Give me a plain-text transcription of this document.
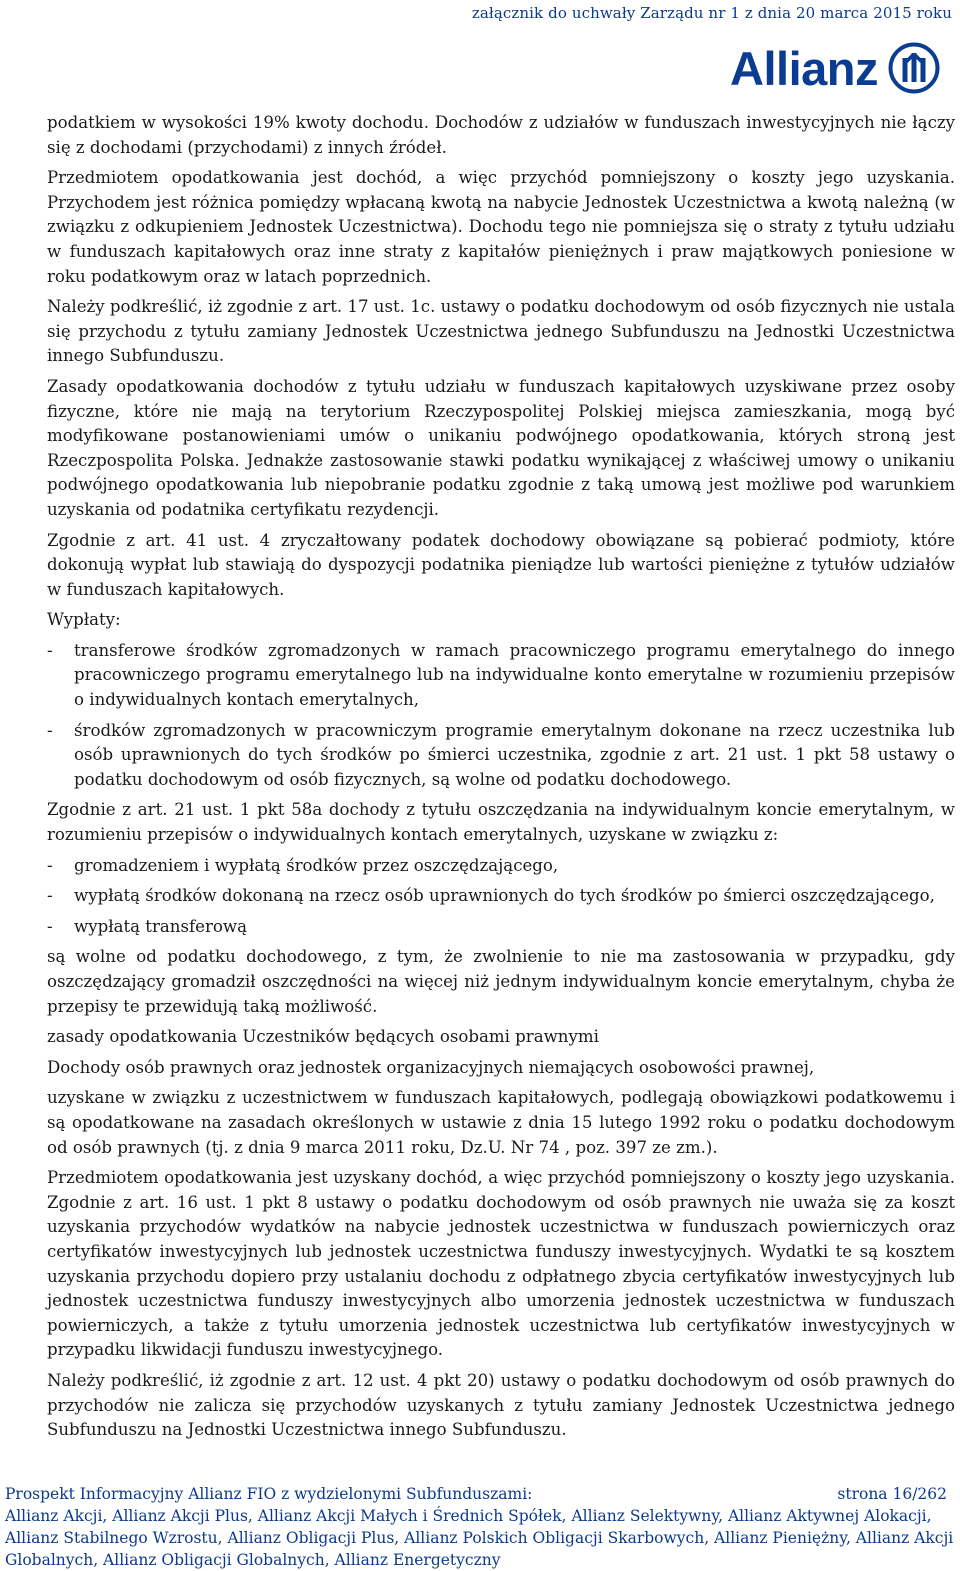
załącznik do uchwały Zarządu nr 1 z dnia 20 marca 2015 roku
Allianz

podatkiem w wysokości 19% kwoty dochodu. Dochodów z udziałów w funduszach inwestycyjnych nie łączy się z dochodami (przychodami) z innych źródeł.

Przedmiotem opodatkowania jest dochód, a więc przychód pomniejszony o koszty jego uzyskania. Przychodem jest różnica pomiędzy wpłacaną kwotą na nabycie Jednostek Uczestnictwa a kwotą należną (w związku z odkupieniem Jednostek Uczestnictwa). Dochodu tego nie pomniejsza się o straty z tytułu udziału w funduszach kapitałowych oraz inne straty z kapitałów pieniężnych i praw majątkowych poniesione w roku podatkowym oraz w latach poprzednich.

Należy podkreślić, iż zgodnie z art. 17 ust. 1c. ustawy o podatku dochodowym od osób fizycznych nie ustala się przychodu z tytułu zamiany Jednostek Uczestnictwa jednego Subfunduszu na Jednostki Uczestnictwa innego Subfunduszu.

Zasady opodatkowania dochodów z tytułu udziału w funduszach kapitałowych uzyskiwane przez osoby fizyczne, które nie mają na terytorium Rzeczypospolitej Polskiej miejsca zamieszkania, mogą być modyfikowane postanowieniami umów o unikaniu podwójnego opodatkowania, których stroną jest Rzeczpospolita Polska. Jednakże zastosowanie stawki podatku wynikającej z właściwej umowy o unikaniu podwójnego opodatkowania lub niepobranie podatku zgodnie z taką umową jest możliwe pod warunkiem uzyskania od podatnika certyfikatu rezydencji.

Zgodnie z art. 41 ust. 4 zryczałtowany podatek dochodowy obowiązane są pobierać podmioty, które dokonują wypłat lub stawiają do dyspozycji podatnika pieniądze lub wartości pieniężne z tytułów udziałów w funduszach kapitałowych.

Wypłaty:

- transferowe środków zgromadzonych w ramach pracowniczego programu emerytalnego do innego pracowniczego programu emerytalnego lub na indywidualne konto emerytalne w rozumieniu przepisów o indywidualnych kontach emerytalnych,
- środków zgromadzonych w pracowniczym programie emerytalnym dokonane na rzecz uczestnika lub osób uprawnionych do tych środków po śmierci uczestnika, zgodnie z art. 21 ust. 1 pkt 58 ustawy o podatku dochodowym od osób fizycznych, są wolne od podatku dochodowego.

Zgodnie z art. 21 ust. 1 pkt 58a dochody z tytułu oszczędzania na indywidualnym koncie emerytalnym, w rozumieniu przepisów o indywidualnych kontach emerytalnych, uzyskane w związku z:

- gromadzeniem i wypłatą środków przez oszczędzającego,
- wypłatą środków dokonaną na rzecz osób uprawnionych do tych środków po śmierci oszczędzającego,
- wypłatą transferową

są wolne od podatku dochodowego, z tym, że zwolnienie to nie ma zastosowania w przypadku, gdy oszczędzający gromadził oszczędności na więcej niż jednym indywidualnym koncie emerytalnym, chyba że przepisy te przewidują taką możliwość.

zasady opodatkowania Uczestników będących osobami prawnymi

Dochody osób prawnych oraz jednostek organizacyjnych niemających osobowości prawnej,

uzyskane w związku z uczestnictwem w funduszach kapitałowych, podlegają obowiązkowi podatkowemu i są opodatkowane na zasadach określonych w ustawie z dnia 15 lutego 1992 roku o podatku dochodowym od osób prawnych (tj. z dnia 9 marca 2011 roku, Dz.U. Nr 74 , poz. 397 ze zm.).

Przedmiotem opodatkowania jest uzyskany dochód, a więc przychód pomniejszony o koszty jego uzyskania. Zgodnie z art. 16 ust. 1 pkt 8 ustawy o podatku dochodowym od osób prawnych nie uważa się za koszt uzyskania przychodów wydatków na nabycie jednostek uczestnictwa w funduszach powierniczych oraz certyfikatów inwestycyjnych lub jednostek uczestnictwa funduszy inwestycyjnych. Wydatki te są kosztem uzyskania przychodu dopiero przy ustalaniu dochodu z odpłatnego zbycia certyfikatów inwestycyjnych lub jednostek uczestnictwa funduszy inwestycyjnych albo umorzenia jednostek uczestnictwa w funduszach powierniczych, a także z tytułu umorzenia jednostek uczestnictwa lub certyfikatów inwestycyjnych w przypadku likwidacji funduszu inwestycyjnego.

Należy podkreślić, iż zgodnie z art. 12 ust. 4 pkt 20) ustawy o podatku dochodowym od osób prawnych do przychodów nie zalicza się przychodów uzyskanych z tytułu zamiany Jednostek Uczestnictwa jednego Subfunduszu na Jednostki Uczestnictwa innego Subfunduszu.

Prospekt Informacyjny Allianz FIO z wydzielonymi Subfunduszami:	strona 16/262
Allianz Akcji, Allianz Akcji Plus, Allianz Akcji Małych i Średnich Spółek, Allianz Selektywny, Allianz Aktywnej Alokacji,
Allianz Stabilnego Wzrostu, Allianz Obligacji Plus, Allianz Polskich Obligacji Skarbowych, Allianz Pieniężny, Allianz Akcji
Globalnych, Allianz Obligacji Globalnych, Allianz Energetyczny
